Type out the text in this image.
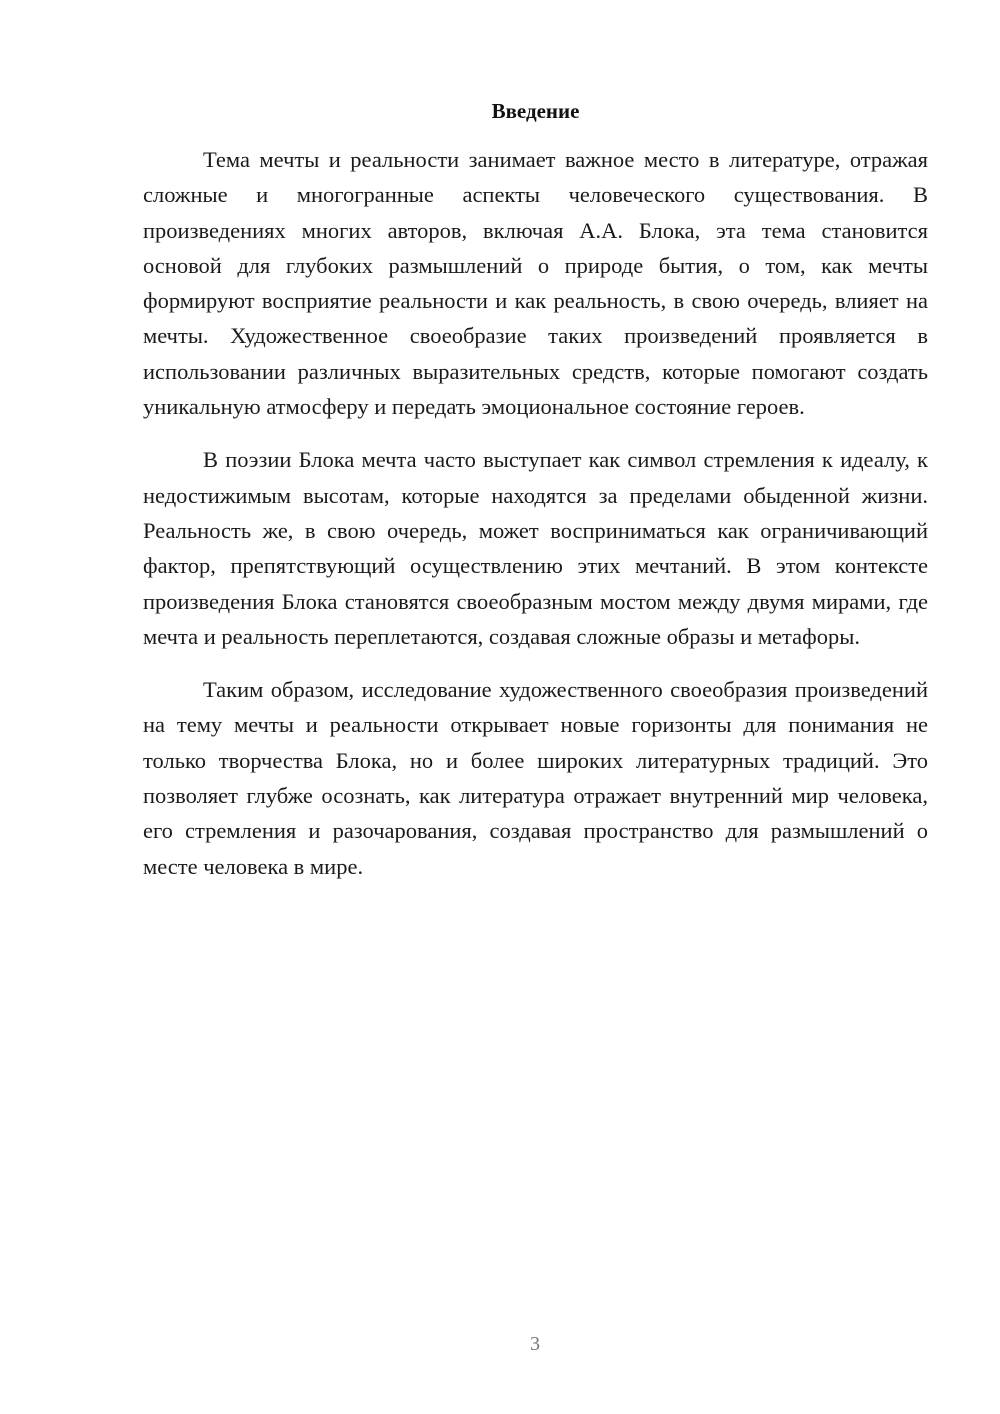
Введение

Тема мечты и реальности занимает важное место в литературе, отражая сложные и многогранные аспекты человеческого существования. В произведениях многих авторов, включая А.А. Блока, эта тема становится основой для глубоких размышлений о природе бытия, о том, как мечты формируют восприятие реальности и как реальность, в свою очередь, влияет на мечты. Художественное своеобразие таких произведений проявляется в использовании различных выразительных средств, которые помогают создать уникальную атмосферу и передать эмоциональное состояние героев.

В поэзии Блока мечта часто выступает как символ стремления к идеалу, к недостижимым высотам, которые находятся за пределами обыденной жизни. Реальность же, в свою очередь, может восприниматься как ограничивающий фактор, препятствующий осуществлению этих мечтаний. В этом контексте произведения Блока становятся своеобразным мостом между двумя мирами, где мечта и реальность переплетаются, создавая сложные образы и метафоры.

Таким образом, исследование художественного своеобразия произведений на тему мечты и реальности открывает новые горизонты для понимания не только творчества Блока, но и более широких литературных традиций. Это позволяет глубже осознать, как литература отражает внутренний мир человека, его стремления и разочарования, создавая пространство для размышлений о месте человека в мире.

3
